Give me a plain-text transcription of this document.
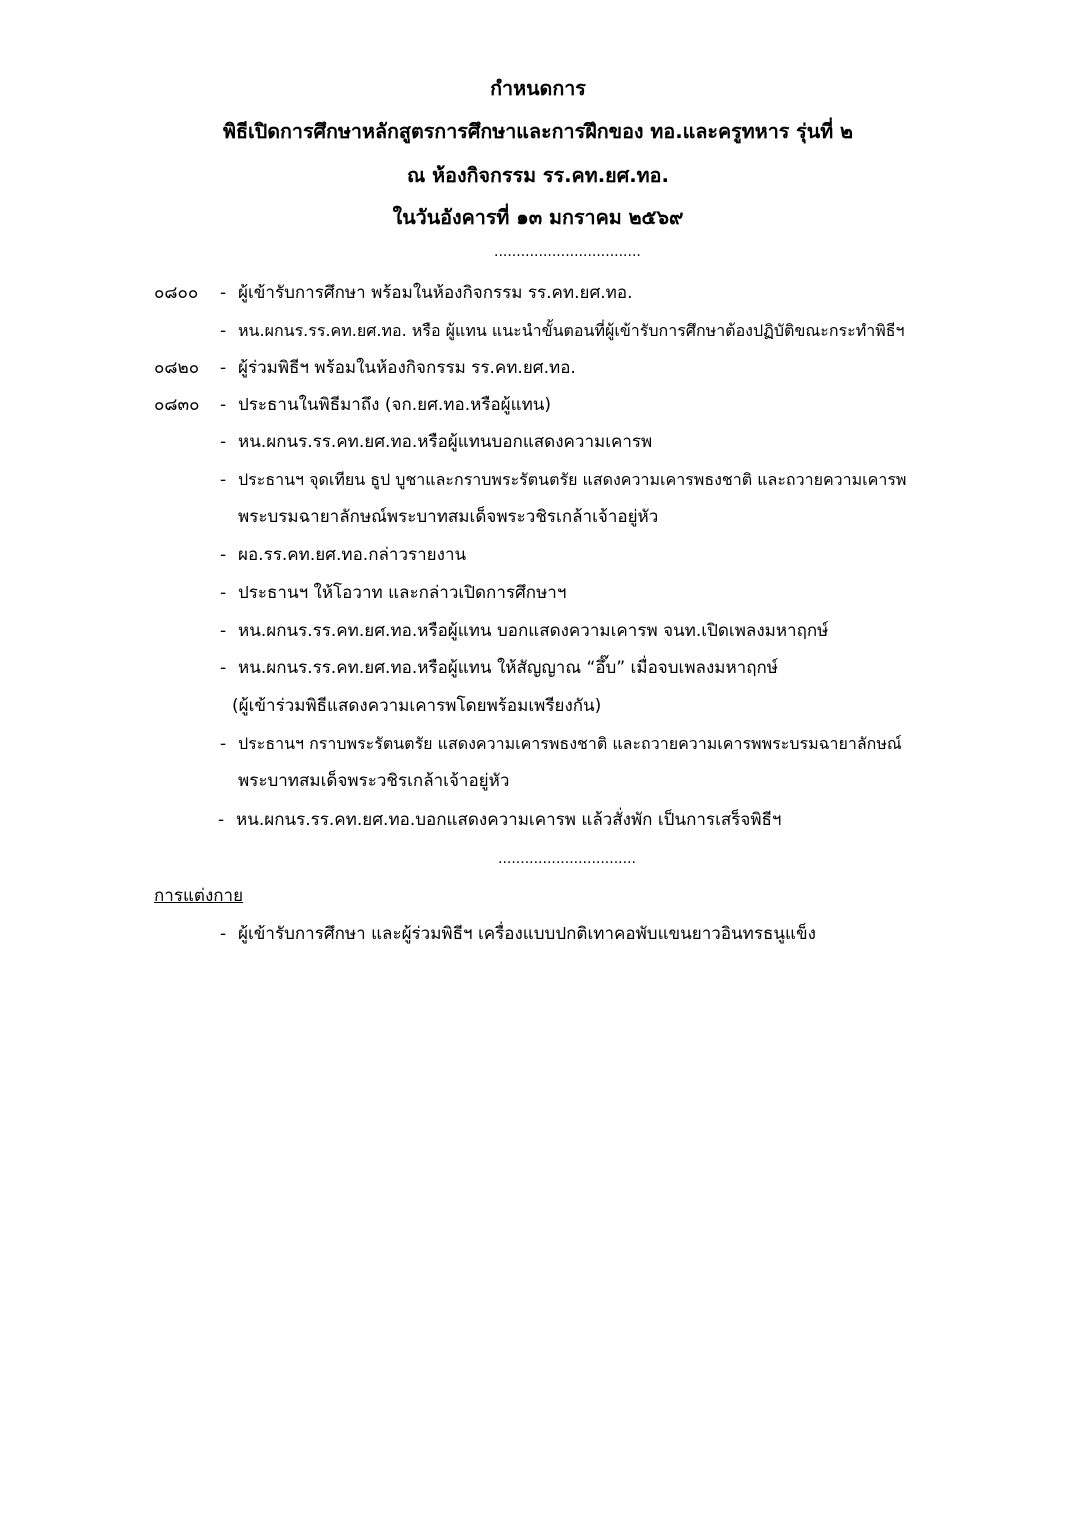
กำหนดการ
พิธีเปิดการศึกษาหลักสูตรการศึกษาและการฝึกของ ทอ.และครูทหาร รุ่นที่ ๒
ณ ห้องกิจกรรม รร.คท.ยศ.ทอ.
ในวันอังคารที่ ๑๓ มกราคม ๒๕๖๙
.................................
๐๘๐๐ - ผู้เข้ารับการศึกษา พร้อมในห้องกิจกรรม รร.คท.ยศ.ทอ.
- หน.ผกนร.รร.คท.ยศ.ทอ. หรือ ผู้แทน แนะนำขั้นตอนที่ผู้เข้ารับการศึกษาต้องปฏิบัติขณะกระทำพิธีฯ
๐๘๒๐ - ผู้ร่วมพิธีฯ พร้อมในห้องกิจกรรม รร.คท.ยศ.ทอ.
๐๘๓๐ - ประธานในพิธีมาถึง (จก.ยศ.ทอ.หรือผู้แทน)
- หน.ผกนร.รร.คท.ยศ.ทอ.หรือผู้แทนบอกแสดงความเคารพ
- ประธานฯ จุดเทียน ธูป บูชาและกราบพระรัตนตรัย แสดงความเคารพธงชาติ และถวายความเคารพ
พระบรมฉายาลักษณ์พระบาทสมเด็จพระวชิรเกล้าเจ้าอยู่หัว
- ผอ.รร.คท.ยศ.ทอ.กล่าวรายงาน
- ประธานฯ ให้โอวาท และกล่าวเปิดการศึกษาฯ
- หน.ผกนร.รร.คท.ยศ.ทอ.หรือผู้แทน บอกแสดงความเคารพ จนท.เปิดเพลงมหาฤกษ์
- หน.ผกนร.รร.คท.ยศ.ทอ.หรือผู้แทน ให้สัญญาณ “อึ๊บ” เมื่อจบเพลงมหาฤกษ์
(ผู้เข้าร่วมพิธีแสดงความเคารพโดยพร้อมเพรียงกัน)
- ประธานฯ กราบพระรัตนตรัย แสดงความเคารพธงชาติ และถวายความเคารพพระบรมฉายาลักษณ์
พระบาทสมเด็จพระวชิรเกล้าเจ้าอยู่หัว
- หน.ผกนร.รร.คท.ยศ.ทอ.บอกแสดงความเคารพ แล้วสั่งพัก เป็นการเสร็จพิธีฯ
...............................
การแต่งกาย
- ผู้เข้ารับการศึกษา และผู้ร่วมพิธีฯ เครื่องแบบปกติเทาคอพับแขนยาวอินทรธนูแข็ง
